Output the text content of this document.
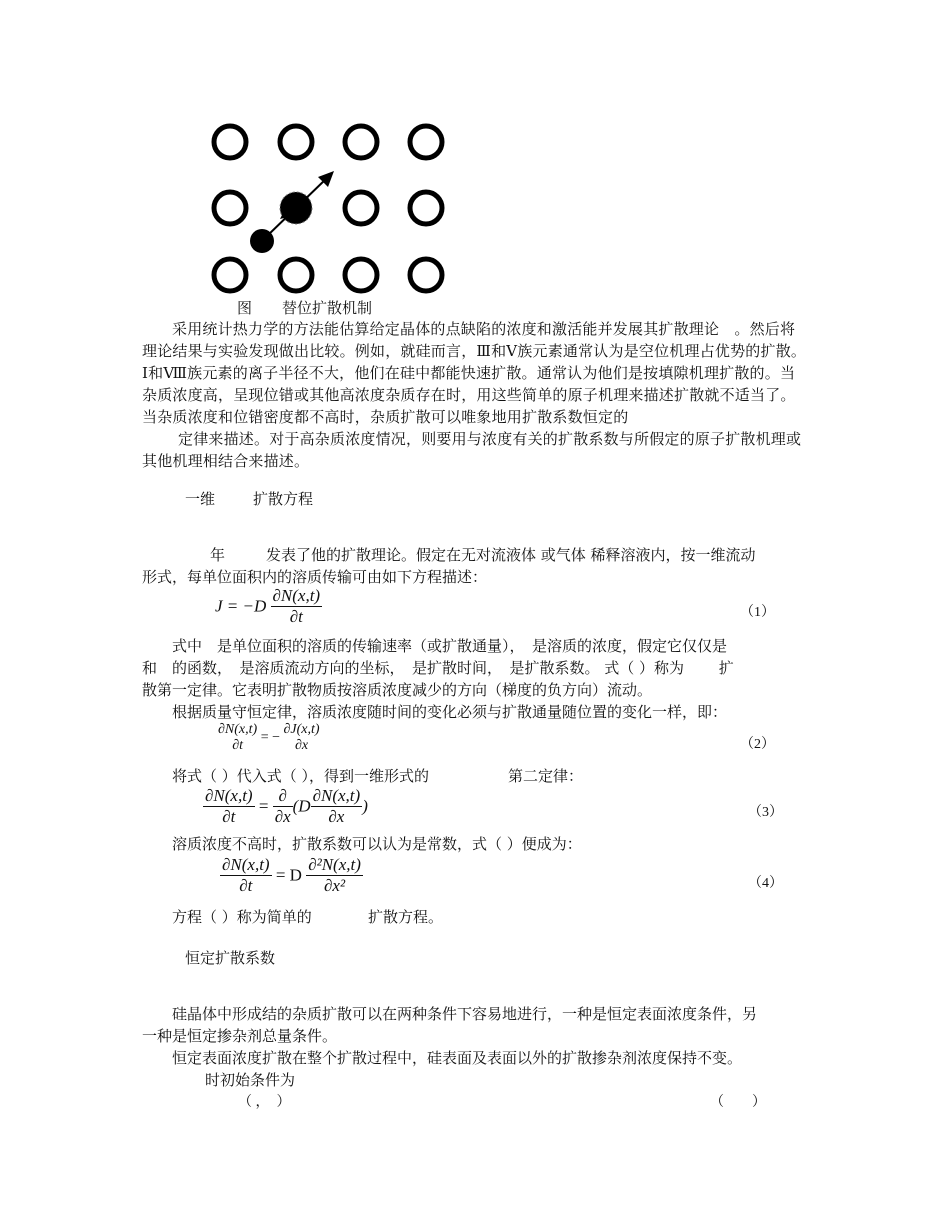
图 替位扩散机制
采用统计热力学的方法能估算给定晶体的点缺陷的浓度和激活能并发展其扩散理论　。然后将理论结果与实验发现做出比较。例如，就硅而言，Ⅲ和Ⅴ族元素通常认为是空位机理占优势的扩散。Ⅰ和Ⅷ族元素的离子半径不大，他们在硅中都能快速扩散。通常认为他们是按填隙机理扩散的。当杂质浓度高，呈现位错或其他高浓度杂质存在时，用这些简单的原子机理来描述扩散就不适当了。当杂质浓度和位错密度都不高时，杂质扩散可以唯象地用扩散系数恒定的
定律来描述。对于高杂质浓度情况，则要用与浓度有关的扩散系数与所假定的原子扩散机理或其他机理相结合来描述。
一维	扩散方程
年	发表了他的扩散理论。假定在无对流液体 或气体 稀释溶液内，按一维流动
形式，每单位面积内的溶质传输可由如下方程描述：
$J = -D \frac{\partial N(x,t)}{\partial t}$	（1）
式中　是单位面积的溶质的传输速率（或扩散通量），　是溶质的浓度，假定它仅仅是
和　的函数，　是溶质流动方向的坐标，　是扩散时间，　是扩散系数。 式（ ）称为　　 扩
散第一定律。它表明扩散物质按溶质浓度减少的方向（梯度的负方向）流动。
根据质量守恒定律，溶质浓度随时间的变化必须与扩散通量随位置的变化一样，即：
∂N(x,t)
∂t
= −
∂J(x,t)
∂x	（2）
将式（ ）代入式（ ），得到一维形式的	第二定律：
$\frac{\partial N(x,t)}{\partial t} = \frac{\partial}{\partial x} (D \frac{\partial N(x,t)}{\partial x}$ )	（3）
溶质浓度不高时，扩散系数可以认为是常数，式（ ）便成为：
$\frac{\partial N(x,t)}{\partial t} = D \frac{\text{∂²N(x,t)}}{\text{∂x²}}$	（4）
方程（ ）称为简单的	扩散方程。
恒定扩散系数
硅晶体中形成结的杂质扩散可以在两种条件下容易地进行，一种是恒定表面浓度条件，另
一种是恒定掺杂剂总量条件。
恒定表面浓度扩散在整个扩散过程中，硅表面及表面以外的扩散掺杂剂浓度保持不变。
时初始条件为
（ ，　）	（　　）
